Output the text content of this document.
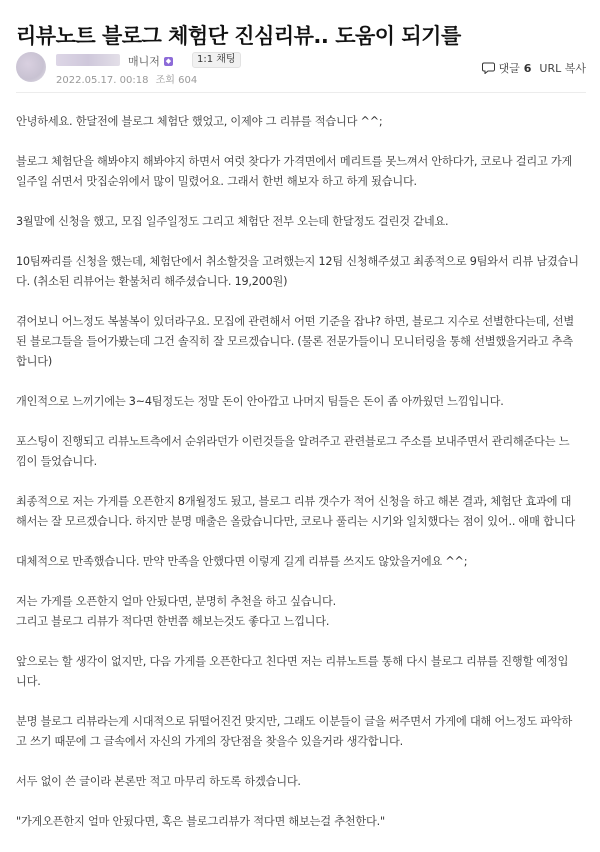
리뷰노트 블로그 체험단 진심리뷰.. 도움이 되기를
매니저 ◆	1:1 채팅
2022.05.17. 00:18 조회 604
댓글 6 URL 복사

안녕하세요. 한달전에 블로그 체험단 했었고, 이제야 그 리뷰를 적습니다 ^^;

블로그 체험단을 해봐야지 해봐야지 하면서 여럿 찾다가 가격면에서 메리트를 못느껴서 안하다가, 코로나 걸리고 가게
일주일 쉬면서 맛집순위에서 많이 밀렸어요. 그래서 한번 해보자 하고 하게 됬습니다.

3월말에 신청을 했고, 모집 일주일정도 그리고 체험단 전부 오는데 한달정도 걸린것 같네요.

10팀짜리를 신청을 했는데, 체험단에서 취소할것을 고려했는지 12팀 신청해주셨고 최종적으로 9팀와서 리뷰 남겼습니
다. (취소된 리뷰어는 환불처리 해주셨습니다. 19,200원)

겪어보니 어느정도 복불복이 있더라구요. 모집에 관련해서 어떤 기준을 잡냐? 하면, 블로그 지수로 선별한다는데, 선별
된 블로그들을 들어가봤는데 그건 솔직히 잘 모르겠습니다. (물론 전문가들이니 모니터링을 통해 선별했을거라고 추측
합니다)

개인적으로 느끼기에는 3~4팀정도는 정말 돈이 안아깝고 나머지 팀들은 돈이 좀 아까웠던 느낌입니다.

포스팅이 진행되고 리뷰노트측에서 순위라던가 이런것들을 알려주고 관련블로그 주소를 보내주면서 관리해준다는 느
낌이 들었습니다.

최종적으로 저는 가게를 오픈한지 8개월정도 됬고, 블로그 리뷰 갯수가 적어 신청을 하고 해본 결과, 체험단 효과에 대
해서는 잘 모르겠습니다. 하지만 분명 매출은 올랐습니다만, 코로나 풀리는 시기와 일치했다는 점이 있어.. 애매 합니다

대체적으로 만족했습니다. 만약 만족을 안했다면 이렇게 길게 리뷰를 쓰지도 않았을거에요 ^^;

저는 가게를 오픈한지 얼마 안됬다면, 분명히 추천을 하고 싶습니다.
그리고 블로그 리뷰가 적다면 한번쯤 해보는것도 좋다고 느낍니다.

앞으로는 할 생각이 없지만, 다음 가게를 오픈한다고 친다면 저는 리뷰노트를 통해 다시 블로그 리뷰를 진행할 예정입
니다.

분명 블로그 리뷰라는게 시대적으로 뒤떨어진건 맞지만, 그래도 이분들이 글을 써주면서 가게에 대해 어느정도 파악하
고 쓰기 때문에 그 글속에서 자신의 가게의 장단점을 찾을수 있을거라 생각합니다.

서두 없이 쓴 글이라 본론만 적고 마무리 하도록 하겠습니다.

"가게오픈한지 얼마 안됬다면, 혹은 블로그리뷰가 적다면 해보는걸 추천한다."
